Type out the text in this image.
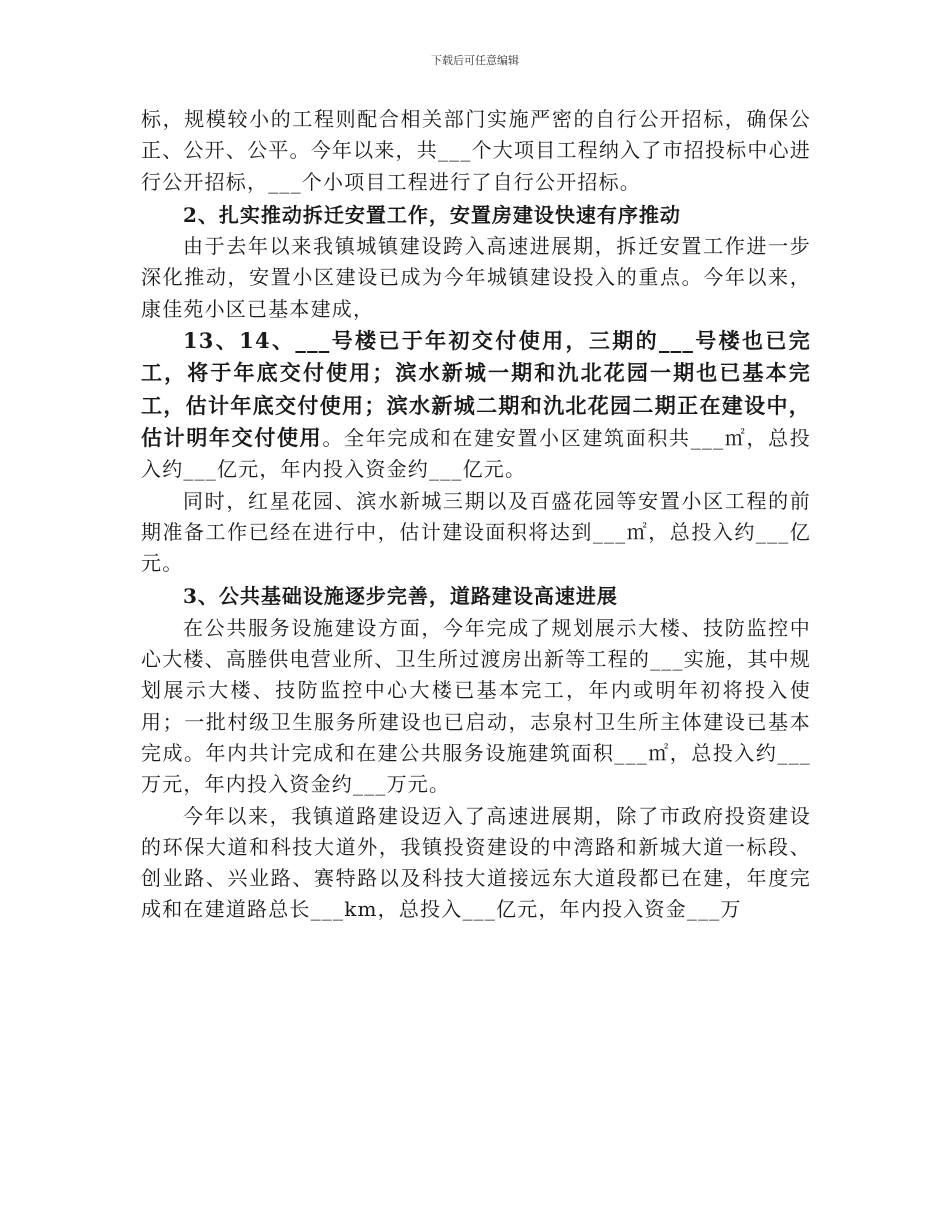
下载后可任意编辑

标，规模较小的工程则配合相关部门实施严密的自行公开招标，确保公正、公开、公平。今年以来，共___个大项目工程纳入了市招投标中心进行公开招标，___个小项目工程进行了自行公开招标。

2、扎实推动拆迁安置工作，安置房建设快速有序推动

由于去年以来我镇城镇建设跨入高速进展期，拆迁安置工作进一步深化推动，安置小区建设已成为今年城镇建设投入的重点。今年以来，康佳苑小区已基本建成，

13、14、___号楼已于年初交付使用，三期的___号楼也已完工，将于年底交付使用；滨水新城一期和氿北花园一期也已基本完工，估计年底交付使用；滨水新城二期和氿北花园二期正在建设中，估计明年交付使用。全年完成和在建安置小区建筑面积共___㎡，总投入约___亿元，年内投入资金约___亿元。

同时，红星花园、滨水新城三期以及百盛花园等安置小区工程的前期准备工作已经在进行中，估计建设面积将达到___㎡，总投入约___亿元。

3、公共基础设施逐步完善，道路建设高速进展

在公共服务设施建设方面，今年完成了规划展示大楼、技防监控中心大楼、高塍供电营业所、卫生所过渡房出新等工程的___实施，其中规划展示大楼、技防监控中心大楼已基本完工，年内或明年初将投入使用；一批村级卫生服务所建设也已启动，志泉村卫生所主体建设已基本完成。年内共计完成和在建公共服务设施建筑面积___㎡，总投入约___万元，年内投入资金约___万元。

今年以来，我镇道路建设迈入了高速进展期，除了市政府投资建设的环保大道和科技大道外，我镇投资建设的中湾路和新城大道一标段、创业路、兴业路、赛特路以及科技大道接远东大道段都已在建，年度完成和在建道路总长___km，总投入___亿元，年内投入资金___万
